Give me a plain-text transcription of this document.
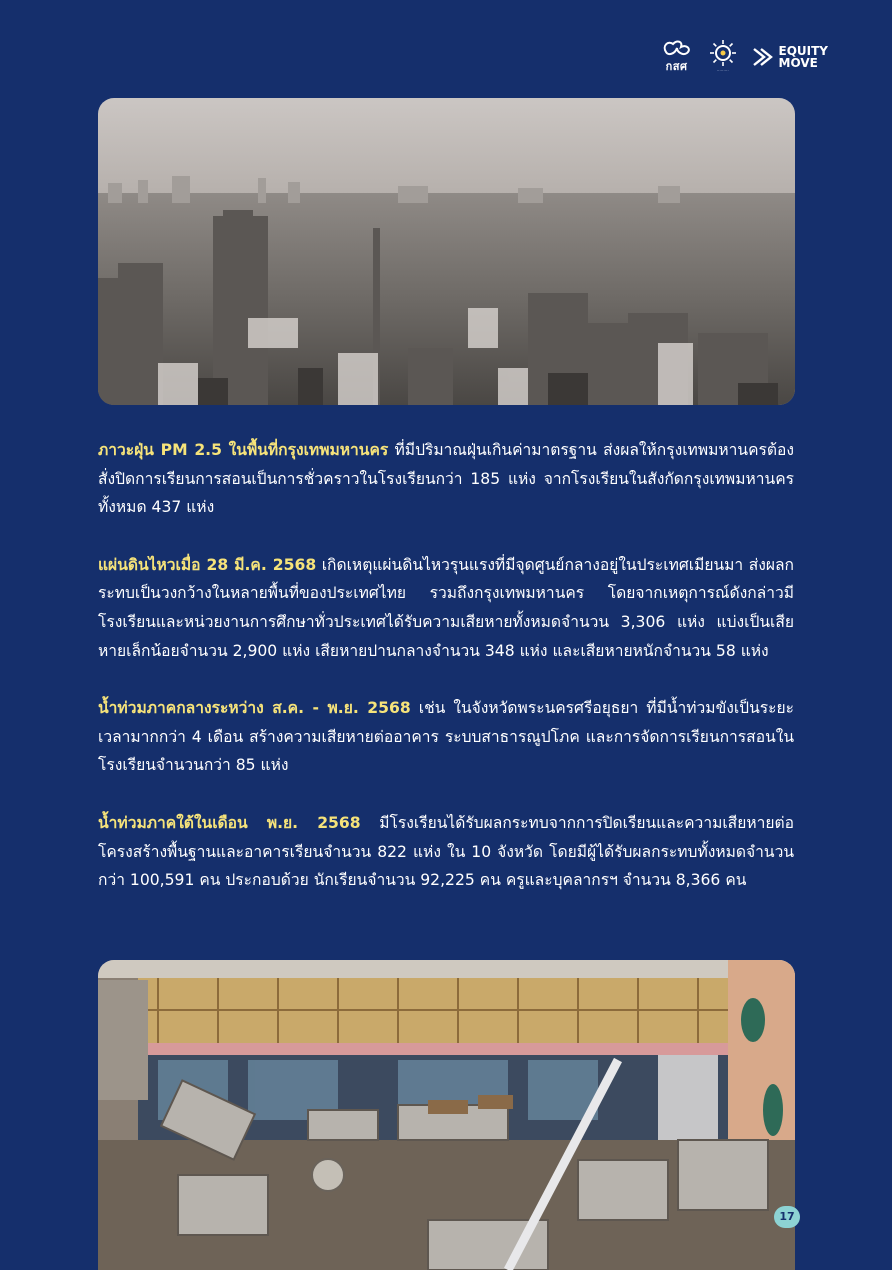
กสศ	⋯⋯⋯
EQUITY
MOVE

ภาวะฝุ่น PM 2.5 ในพื้นที่กรุงเทพมหานคร ที่มีปริมาณฝุ่นเกินค่ามาตรฐาน ส่งผลให้กรุงเทพมหานครต้องสั่งปิดการเรียนการสอนเป็นการชั่วคราวในโรงเรียนกว่า 185 แห่ง จากโรงเรียนในสังกัดกรุงเทพมหานครทั้งหมด 437 แห่ง

แผ่นดินไหวเมื่อ 28 มี.ค. 2568 เกิดเหตุแผ่นดินไหวรุนแรงที่มีจุดศูนย์กลางอยู่ในประเทศเมียนมา ส่งผลกระทบเป็นวงกว้างในหลายพื้นที่ของประเทศไทย รวมถึงกรุงเทพมหานคร โดยจากเหตุการณ์ดังกล่าวมีโรงเรียนและหน่วยงานการศึกษาทั่วประเทศได้รับความเสียหายทั้งหมดจำนวน 3,306 แห่ง แบ่งเป็นเสียหายเล็กน้อยจำนวน 2,900 แห่ง เสียหายปานกลางจำนวน 348 แห่ง และเสียหายหนักจำนวน 58 แห่ง

น้ำท่วมภาคกลางระหว่าง ส.ค. - พ.ย. 2568 เช่น ในจังหวัดพระนครศรีอยุธยา ที่มีน้ำท่วมขังเป็นระยะเวลามากกว่า 4 เดือน สร้างความเสียหายต่ออาคาร ระบบสาธารณูปโภค และการจัดการเรียนการสอนในโรงเรียนจำนวนกว่า 85 แห่ง

น้ำท่วมภาคใต้ในเดือน พ.ย. 2568 มีโรงเรียนได้รับผลกระทบจากการปิดเรียนและความเสียหายต่อโครงสร้างพื้นฐานและอาคารเรียนจำนวน 822 แห่ง ใน 10 จังหวัด โดยมีผู้ได้รับผลกระทบทั้งหมดจำนวนกว่า 100,591 คน ประกอบด้วย นักเรียนจำนวน 92,225 คน ครูและบุคลากรฯ จำนวน 8,366 คน

17
